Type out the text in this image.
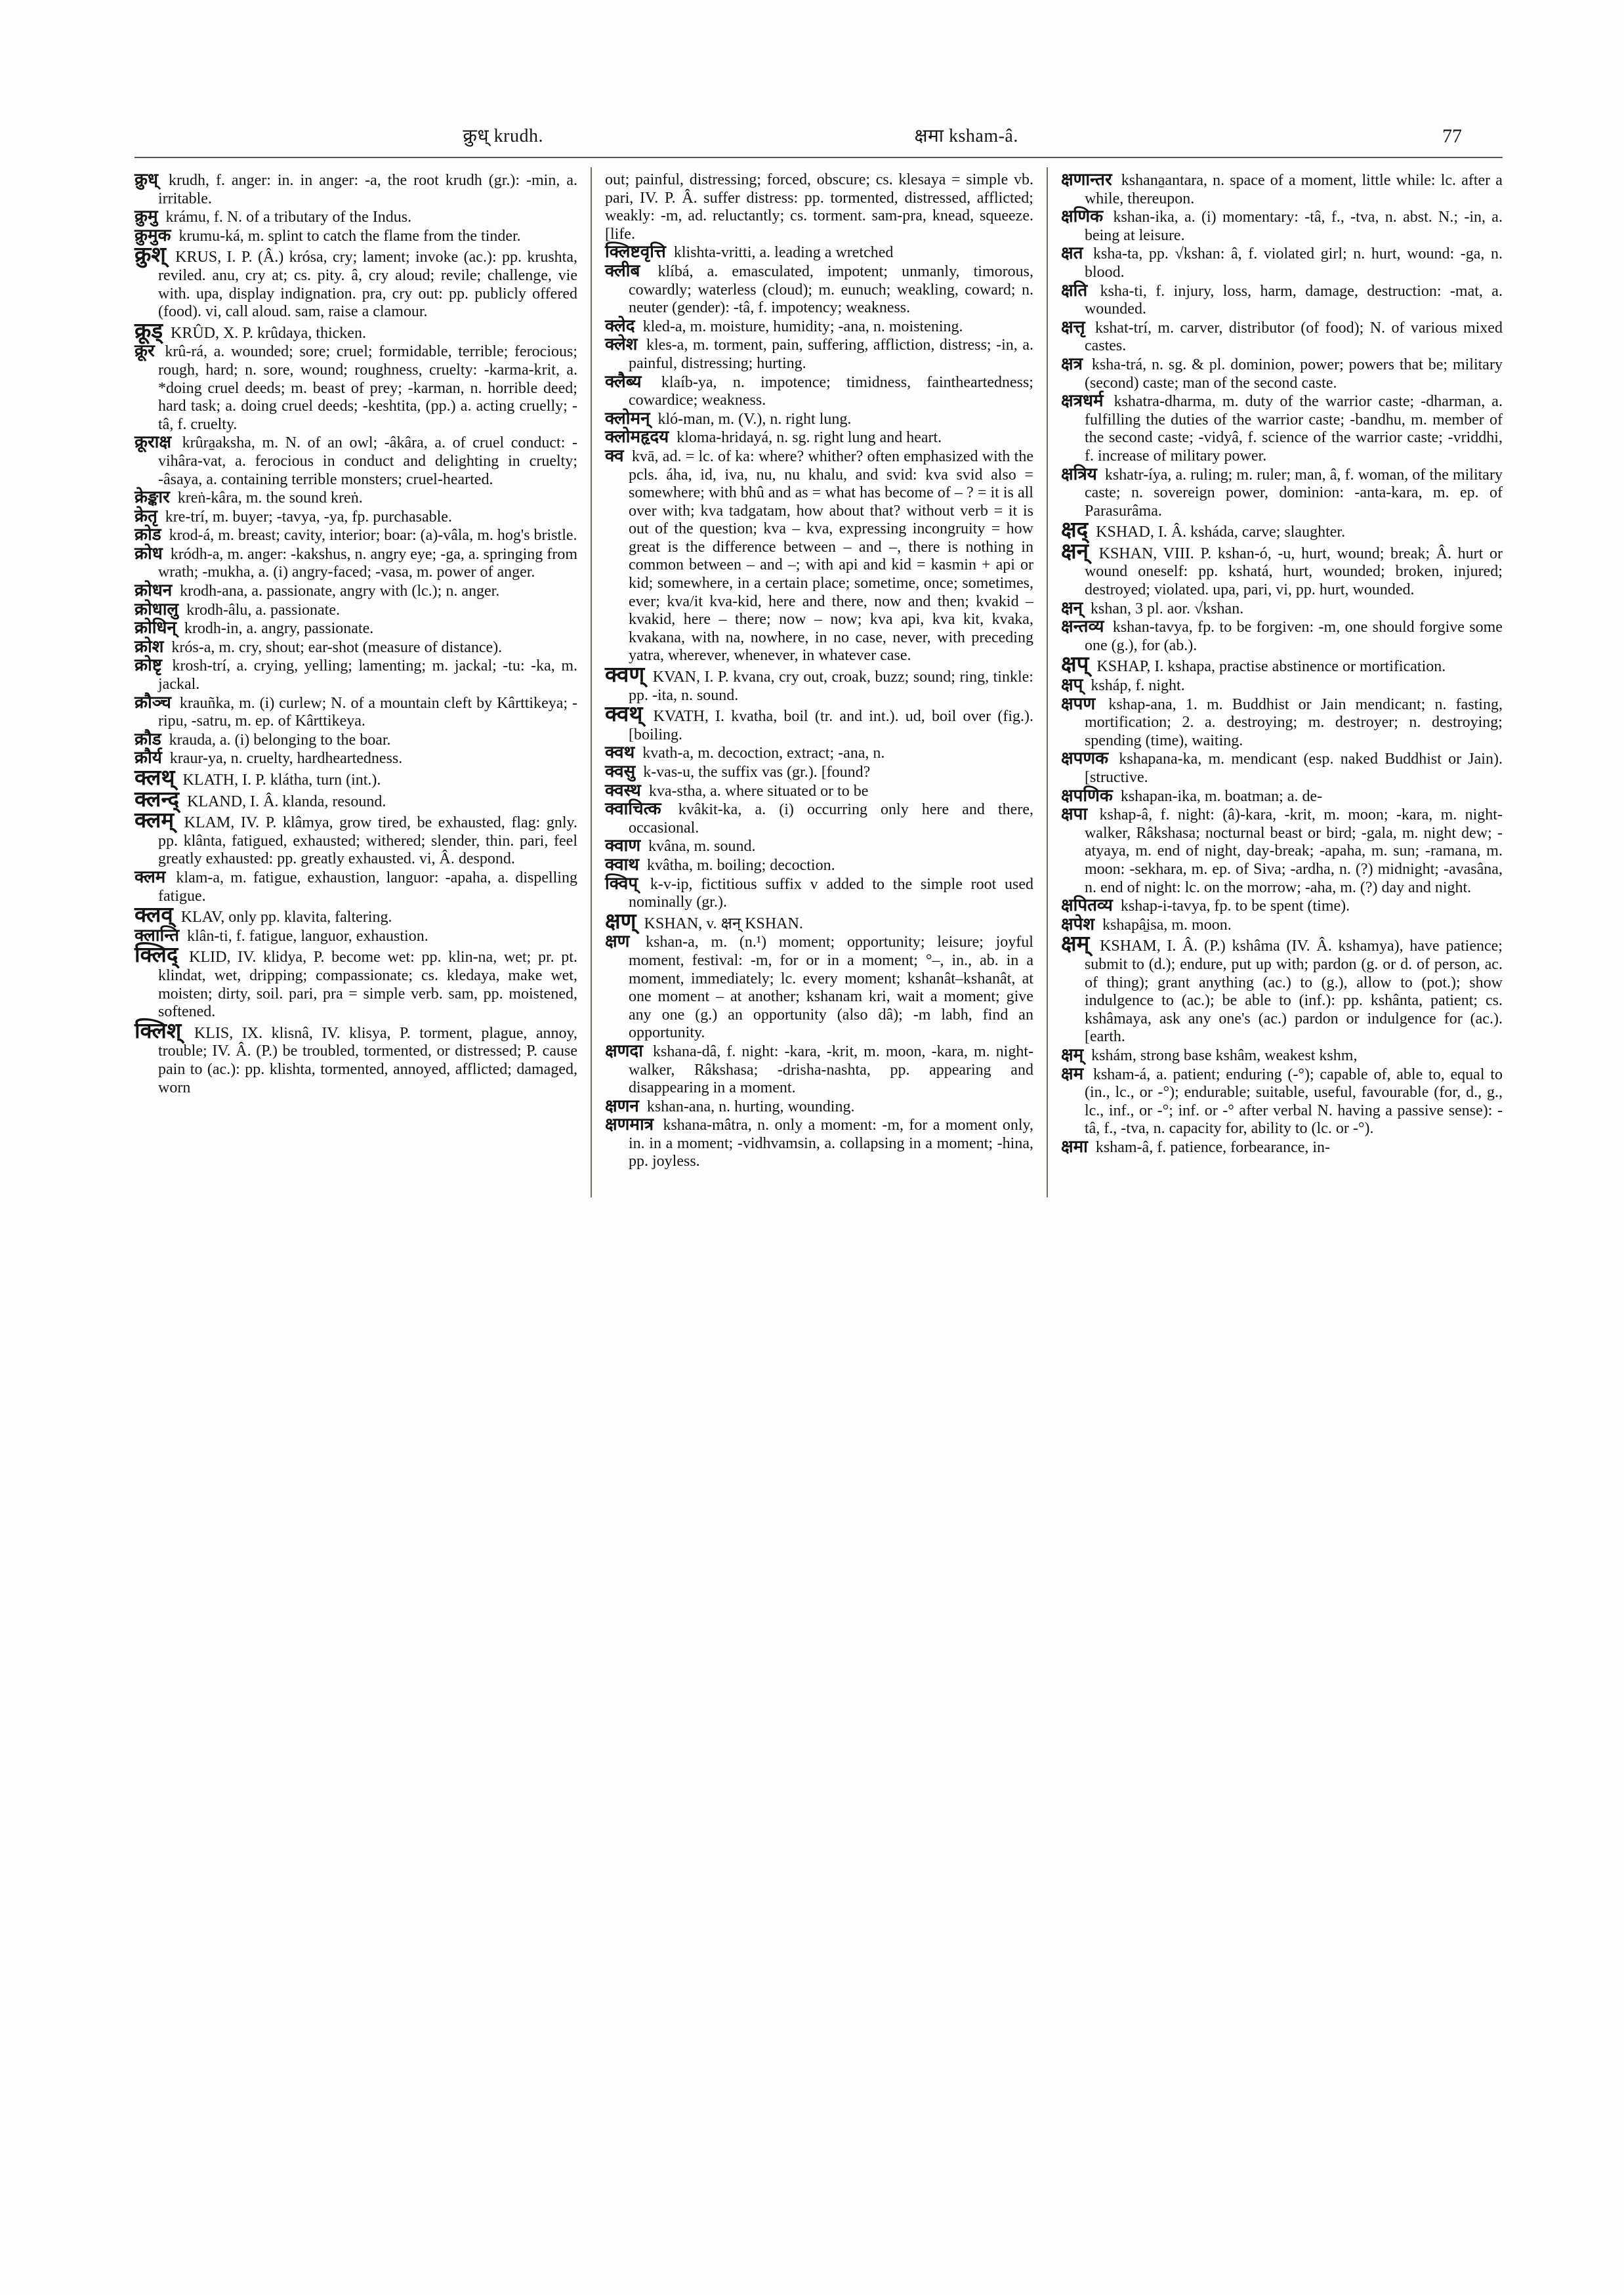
क्रुध् krudh.	क्षमा ksham-â.	77
क्रुध् krudh, f. anger: in. in anger: -a, the root krudh (gr.): -min, a. irritable.
क्रुमु krámu, f. N. of a tributary of the Indus.
क्रुमुक krumu-ká, m. splint to catch the flame from the tinder.
क्रुश् KRUS, I. P. (Â.) krósa, cry; lament; invoke (ac.): pp. krushta, reviled. anu, cry at; cs. pity. â, cry aloud; revile; challenge, vie with. upa, display indignation. pra, cry out: pp. publicly offered (food). vi, call aloud. sam, raise a clamour.
क्रूड् KRÛD, X. P. krûdaya, thicken.
क्रूर krû-rá, a. wounded; sore; cruel; formidable, terrible; ferocious; rough, hard; n. sore, wound; roughness, cruelty: -karma-krit, a. *doing cruel deeds; m. beast of prey; -karman, n. horrible deed; hard task; a. doing cruel deeds; -keshtita, (pp.) a. acting cruelly; -tâ, f. cruelty.
क्रूराक्ष krûra̱aksha, m. N. of an owl; -âkâra, a. of cruel conduct: -vihâra-vat, a. ferocious in conduct and delighting in cruelty; -âsaya, a. containing terrible monsters; cruel-hearted.
क्रेङ्कार kreṅ-kâra, m. the sound kreṅ.
क्रेतृ kre-trí, m. buyer; -tavya, -ya, fp. purchasable.
क्रोड krod-á, m. breast; cavity, interior; boar: (a)-vâla, m. hog's bristle.
क्रोध kródh-a, m. anger: -kakshus, n. angry eye; -ga, a. springing from wrath; -mukha, a. (i) angry-faced; -vasa, m. power of anger.
क्रोधन krodh-ana, a. passionate, angry with (lc.); n. anger.
क्रोधालु krodh-âlu, a. passionate.
क्रोधिन् krodh-in, a. angry, passionate.
क्रोश krós-a, m. cry, shout; ear-shot (measure of distance).
क्रोष्टृ krosh-trí, a. crying, yelling; lamenting; m. jackal; -tu: -ka, m. jackal.
क्रौञ्च krauñka, m. (i) curlew; N. of a mountain cleft by Kârttikeya; -ripu, -satru, m. ep. of Kârttikeya.
क्रौड krauda, a. (i) belonging to the boar.
क्रौर्य kraur-ya, n. cruelty, hardheartedness.
क्लथ् KLATH, I. P. klátha, turn (int.).
क्लन्द् KLAND, I. Â. klanda, resound.
क्लम् KLAM, IV. P. klâmya, grow tired, be exhausted, flag: gnly. pp. klânta, fatigued, exhausted; withered; slender, thin. pari, feel greatly exhausted: pp. greatly exhausted. vi, Â. despond.
क्लम klam-a, m. fatigue, exhaustion, languor: -apaha, a. dispelling fatigue.
क्लव् KLAV, only pp. klavita, faltering.
क्लान्ति klân-ti, f. fatigue, languor, exhaustion.
क्लिद् KLID, IV. klidya, P. become wet: pp. klin-na, wet; pr. pt. klindat, wet, dripping; compassionate; cs. kledaya, make wet, moisten; dirty, soil. pari, pra = simple verb. sam, pp. moistened, softened.
क्लिश् KLIS, IX. klisnâ, IV. klisya, P. torment, plague, annoy, trouble; IV. Â. (P.) be troubled, tormented, or distressed; P. cause pain to (ac.): pp. klishta, tormented, annoyed, afflicted; damaged, worn
out; painful, distressing; forced, obscure; cs. klesaya = simple vb. pari, IV. P. Â. suffer distress: pp. tormented, distressed, afflicted; weakly: -m, ad. reluctantly; cs. torment. sam-pra, knead, squeeze. [life.
क्लिष्टवृत्ति klishta-vritti, a. leading a wretched
क्लीब klíbá, a. emasculated, impotent; unmanly, timorous, cowardly; waterless (cloud); m. eunuch; weakling, coward; n. neuter (gender): -tâ, f. impotency; weakness.
क्लेद kled-a, m. moisture, humidity; -ana, n. moistening.
क्लेश kles-a, m. torment, pain, suffering, affliction, distress; -in, a. painful, distressing; hurting.
क्लैब्य klaíb-ya, n. impotence; timidness, faintheartedness; cowardice; weakness.
क्लोमन् kló-man, m. (V.), n. right lung.
क्लोमहृदय kloma-hridayá, n. sg. right lung and heart.
क्व kvā, ad. = lc. of ka: where? whither? often emphasized with the pcls. áha, id, iva, nu, nu khalu, and svid: kva svid also = somewhere; with bhû and as = what has become of – ? = it is all over with; kva tadgatam, how about that? without verb = it is out of the question; kva – kva, expressing incongruity = how great is the difference between – and –, there is nothing in common between – and –; with api and kid = kasmin + api or kid; somewhere, in a certain place; sometime, once; sometimes, ever; kva/it kva-kid, here and there, now and then; kvakid – kvakid, here – there; now – now; kva api, kva kit, kvaka, kvakana, with na, nowhere, in no case, never, with preceding yatra, wherever, whenever, in whatever case.
क्वण् KVAN, I. P. kvana, cry out, croak, buzz; sound; ring, tinkle: pp. -ita, n. sound.
क्वथ् KVATH, I. kvatha, boil (tr. and int.). ud, boil over (fig.). [boiling.
क्वथ kvath-a, m. decoction, extract; -ana, n.
क्वसु k-vas-u, the suffix vas (gr.). [found?
क्वस्थ kva-stha, a. where situated or to be
क्वाचित्क kvâkit-ka, a. (i) occurring only here and there, occasional.
क्वाण kvâna, m. sound.
क्वाथ kvâtha, m. boiling; decoction.
क्विप् k-v-ip, fictitious suffix v added to the simple root used nominally (gr.).
क्षण् KSHAN, v. क्षन् KSHAN.
क्षण kshan-a, m. (n.¹) moment; opportunity; leisure; joyful moment, festival: -m, for or in a moment; °–, in., ab. in a moment, immediately; lc. every moment; kshanât–kshanât, at one moment – at another; kshanam kri, wait a moment; give any one (g.) an opportunity (also dâ); -m labh, find an opportunity.
क्षणदा kshana-dâ, f. night: -kara, -krit, m. moon, -kara, m. night-walker, Râkshasa; -drisha-nashta, pp. appearing and disappearing in a moment.
क्षणन kshan-ana, n. hurting, wounding.
क्षणमात्र kshana-mâtra, n. only a moment: -m, for a moment only, in. in a moment; -vidhvamsin, a. collapsing in a moment; -hina, pp. joyless.
क्षणान्तर kshana̱antara, n. space of a moment, little while: lc. after a while, thereupon.
क्षणिक kshan-ika, a. (i) momentary: -tâ, f., -tva, n. abst. N.; -in, a. being at leisure.
क्षत ksha-ta, pp. √kshan: â, f. violated girl; n. hurt, wound: -ga, n. blood.
क्षति ksha-ti, f. injury, loss, harm, damage, destruction: -mat, a. wounded.
क्षत्तृ kshat-trí, m. carver, distributor (of food); N. of various mixed castes.
क्षत्र ksha-trá, n. sg. & pl. dominion, power; powers that be; military (second) caste; man of the second caste.
क्षत्रधर्म kshatra-dharma, m. duty of the warrior caste; -dharman, a. fulfilling the duties of the warrior caste; -bandhu, m. member of the second caste; -vidyâ, f. science of the warrior caste; -vriddhi, f. increase of military power.
क्षत्रिय kshatr-íya, a. ruling; m. ruler; man, â, f. woman, of the military caste; n. sovereign power, dominion: -anta-kara, m. ep. of Parasurâma.
क्षद् KSHAD, I. Â. ksháda, carve; slaughter.
क्षन् KSHAN, VIII. P. kshan-ó, -u, hurt, wound; break; Â. hurt or wound oneself: pp. kshatá, hurt, wounded; broken, injured; destroyed; violated. upa, pari, vi, pp. hurt, wounded.
क्षन् kshan, 3 pl. aor. √kshan.
क्षन्तव्य kshan-tavya, fp. to be forgiven: -m, one should forgive some one (g.), for (ab.).
क्षप् KSHAP, I. kshapa, practise abstinence or mortification.
क्षप् ksháp, f. night.
क्षपण kshap-ana, 1. m. Buddhist or Jain mendicant; n. fasting, mortification; 2. a. destroying; m. destroyer; n. destroying; spending (time), waiting.
क्षपणक kshapana-ka, m. mendicant (esp. naked Buddhist or Jain). [structive.
क्षपणिक kshapan-ika, m. boatman; a. de-
क्षपा kshap-â, f. night: (â)-kara, -krit, m. moon; -kara, m. night-walker, Râkshasa; nocturnal beast or bird; -gala, m. night dew; -atyaya, m. end of night, day-break; -apaha, m. sun; -ramana, m. moon: -sekhara, m. ep. of Siva; -ardha, n. (?) midnight; -avasâna, n. end of night: lc. on the morrow; -aha, m. (?) day and night.
क्षपितव्य kshap-i-tavya, fp. to be spent (time).
क्षपेश kshapâ̱isa, m. moon.
क्षम् KSHAM, I. Â. (P.) kshâma (IV. Â. kshamya), have patience; submit to (d.); endure, put up with; pardon (g. or d. of person, ac. of thing); grant anything (ac.) to (g.), allow to (pot.); show indulgence to (ac.); be able to (inf.): pp. kshânta, patient; cs. kshâmaya, ask any one's (ac.) pardon or indulgence for (ac.). [earth.
क्षम् kshám, strong base kshâm, weakest kshm,
क्षम ksham-á, a. patient; enduring (-°); capable of, able to, equal to (in., lc., or -°); endurable; suitable, useful, favourable (for, d., g., lc., inf., or -°; inf. or -° after verbal N. having a passive sense): -tâ, f., -tva, n. capacity for, ability to (lc. or -°).
क्षमा ksham-â, f. patience, forbearance, in-
